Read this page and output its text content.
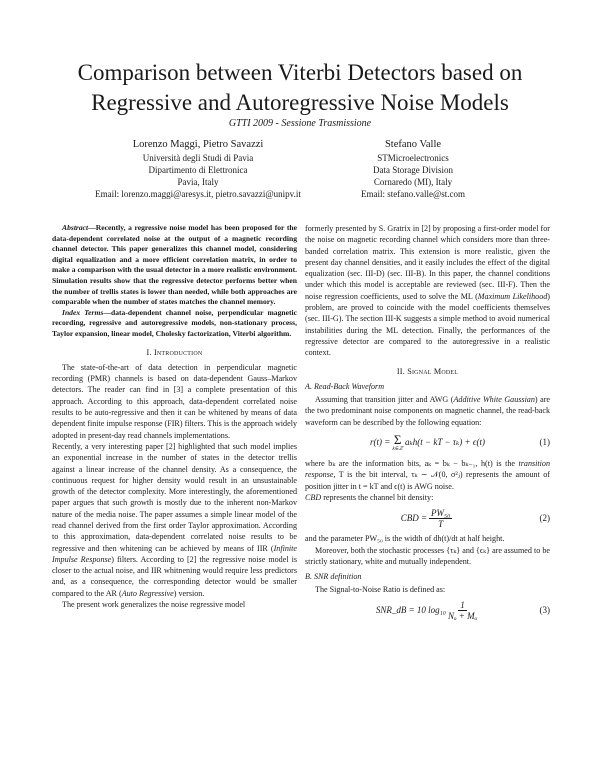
Comparison between Viterbi Detectors based on
Regressive and Autoregressive Noise Models
GTTI 2009 - Sessione Trasmissione
Lorenzo Maggi, Pietro Savazzi
Università degli Studi di Pavia
Dipartimento di Elettronica
Pavia, Italy
Email: lorenzo.maggi@aresys.it, pietro.savazzi@unipv.it
Stefano Valle
STMicroelectronics
Data Storage Division
Cornaredo (MI), Italy
Email: stefano.valle@st.com

Abstract—Recently, a regressive noise model has been proposed for the data-dependent correlated noise at the output of a magnetic recording channel detector. This paper generalizes this channel model, considering digital equalization and a more efficient correlation matrix, in order to make a comparison with the usual detector in a more realistic environment. Simulation results show that the regressive detector performs better when the number of trellis states is lower than needed, while both approaches are comparable when the number of states matches the channel memory.

Index Terms—data-dependent channel noise, perpendicular magnetic recording, regressive and autoregressive models, non-stationary process, Taylor expansion, linear model, Cholesky factorization, Viterbi algorithm.

I. Introduction

The state-of-the-art of data detection in perpendicular magnetic recording (PMR) channels is based on data-dependent Gauss–Markov detectors. The reader can find in [3] a complete presentation of this approach. According to this approach, data-dependent correlated noise results to be auto-regressive and then it can be whitened by means of data dependent finite impulse response (FIR) filters. This is the approach widely adopted in present-day read channels implementations.

Recently, a very interesting paper [2] highlighted that such model implies an exponential increase in the number of states in the detector trellis against a linear increase of the channel density. As a consequence, the continuous request for higher density would result in an unsustainable growth of the detector complexity. More interestingly, the aforementioned paper argues that such growth is mostly due to the inherent non-Markov nature of the media noise. The paper assumes a simple linear model of the read channel derived from the first order Taylor approximation. According to this approximation, data-dependent correlated noise results to be regressive and then whitening can be achieved by means of IIR (Infinite Impulse Response) filters. According to [2] the regressive noise model is closer to the actual noise, and IIR whitnening would require less predictors and, as a consequence, the corresponding detector would be smaller compared to the AR (Auto Regressive) version.

The present work generalizes the noise regressive model

formerly presented by S. Gratrix in [2] by proposing a first-order model for the noise on magnetic recording channel which considers more than three-banded correlation matrix. This extension is more realistic, given the present day channel densities, and it easily includes the effect of the digital equalization (sec. III-D) (sec. III-B). In this paper, the channel conditions under which this model is acceptable are reviewed (sec. III-F). Then the noise regression coefficients, used to solve the ML (Maximum Likelihood) problem, are proved to coincide with the model coefficients themselves (sec. III-G). The section III-K suggests a simple method to avoid numerical instabilities during the ML detection. Finally, the performances of the regressive detector are compared to the autoregressive in a realistic context.

II. Signal Model
A. Read-Back Waveform

Assuming that transition jitter and AWG (Additive White Gaussian) are the two predominant noise components on magnetic channel, the read-back waveform can be described by the following equation:

r(t) = Σ
k∈ℤ
aₖh(t − kT − τₖ) + ϵ(t)	(1)

where bₖ are the information bits, aₖ = bₖ − bₖ₋₁, h(t) is the transition response, T is the bit interval, τₖ ∼ 𝒩(0, σ²ⱼ) represents the amount of position jitter in t = kT and ϵ(t) is AWG noise.

CBD represents the channel bit density:

CBD = $\frac{\text{PW₅₀}}{T}$	(2)

and the parameter PW₅₀ is the width of dh(t)/dt at half height.

Moreover, both the stochastic processes {τₖ} and {ϵₖ} are assumed to be strictly stationary, white and mutually independent.

B. SNR definition

The Signal-to-Noise Ratio is defined as:

SNR_dB = 10 $\log_{10} \frac{1}{\text{Nₒ + Mₒ}}$	(3)
